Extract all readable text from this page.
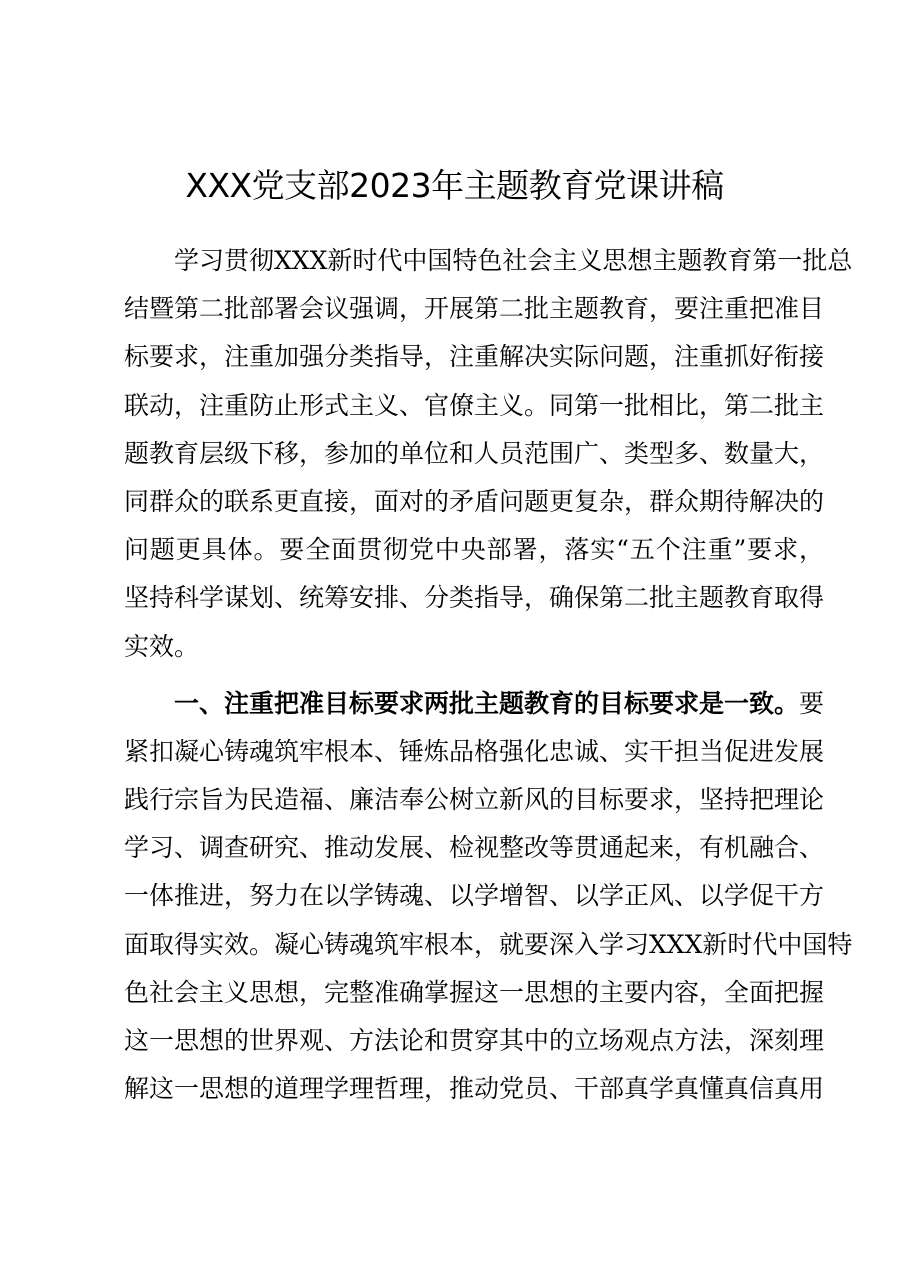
XXX党支部2023年主题教育党课讲稿
学习贯彻XXX新时代中国特色社会主义思想主题教育第一批总
结暨第二批部署会议强调，开展第二批主题教育，要注重把准目
标要求，注重加强分类指导，注重解决实际问题，注重抓好衔接
联动，注重防止形式主义、官僚主义。同第一批相比，第二批主
题教育层级下移，参加的单位和人员范围广、类型多、数量大，
同群众的联系更直接，面对的矛盾问题更复杂，群众期待解决的
问题更具体。要全面贯彻党中央部署，落实“五个注重”要求，
坚持科学谋划、统筹安排、分类指导，确保第二批主题教育取得
实效。
一、注重把准目标要求两批主题教育的目标要求是一致。要
紧扣凝心铸魂筑牢根本、锤炼品格强化忠诚、实干担当促进发展
践行宗旨为民造福、廉洁奉公树立新风的目标要求，坚持把理论
学习、调查研究、推动发展、检视整改等贯通起来，有机融合、
一体推进，努力在以学铸魂、以学增智、以学正风、以学促干方
面取得实效。凝心铸魂筑牢根本，就要深入学习XXX新时代中国特
色社会主义思想，完整准确掌握这一思想的主要内容，全面把握
这一思想的世界观、方法论和贯穿其中的立场观点方法，深刻理
解这一思想的道理学理哲理，推动党员、干部真学真懂真信真用
